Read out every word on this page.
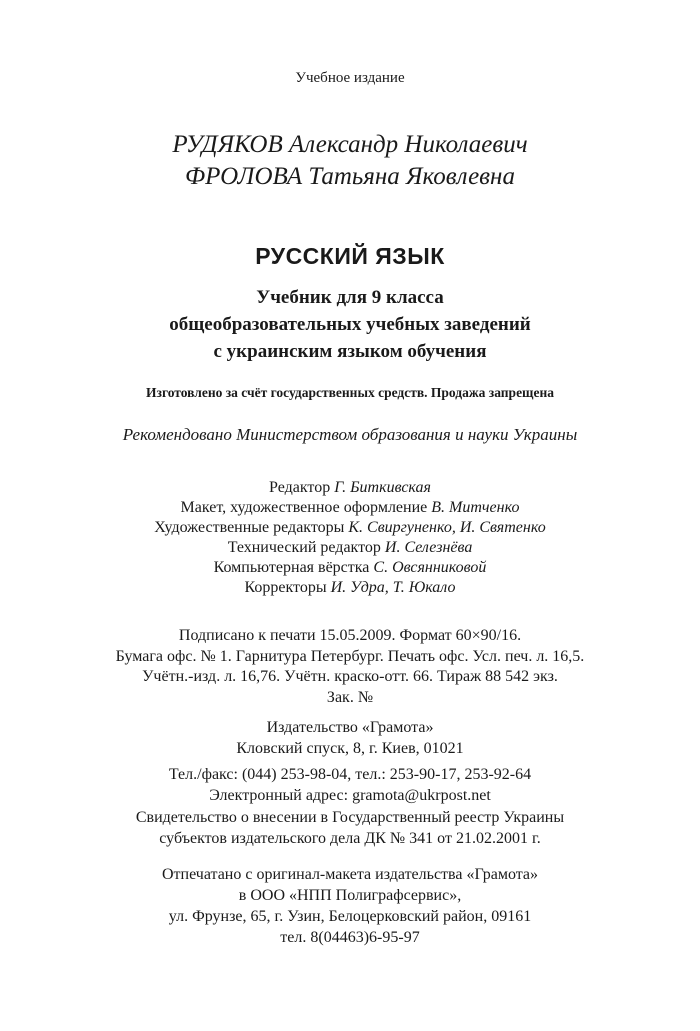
Учебное издание
РУДЯКОВ Александр Николаевич
ФРОЛОВА Татьяна Яковлевна
РУССКИЙ ЯЗЫК
Учебник для 9 класса
общеобразовательных учебных заведений
с украинским языком обучения
Изготовлено за счёт государственных средств. Продажа запрещена
Рекомендовано Министерством образования и науки Украины
Редактор Г. Биткивская
Макет, художественное оформление В. Митченко
Художественные редакторы К. Свиргуненко, И. Святенко
Технический редактор И. Селезнёва
Компьютерная вёрстка С. Овсянниковой
Корректоры И. Удра, Т. Юкало
Подписано к печати 15.05.2009. Формат 60×90/16.
Бумага офс. № 1. Гарнитура Петербург. Печать офс. Усл. печ. л. 16,5.
Учётн.-изд. л. 16,76. Учётн. краско-отт. 66. Тираж 88 542 экз.
Зак. №
Издательство «Грамота»
Кловский спуск, 8, г. Киев, 01021
Тел./факс: (044) 253-98-04, тел.: 253-90-17, 253-92-64
Электронный адрес: gramota@ukrpost.net
Свидетельство о внесении в Государственный реестр Украины
субъектов издательского дела ДК № 341 от 21.02.2001 г.
Отпечатано с оригинал-макета издательства «Грамота»
в ООО «НПП Полиграфсервис»,
ул. Фрунзе, 65, г. Узин, Белоцерковский район, 09161
тел. 8(04463)6-95-97
